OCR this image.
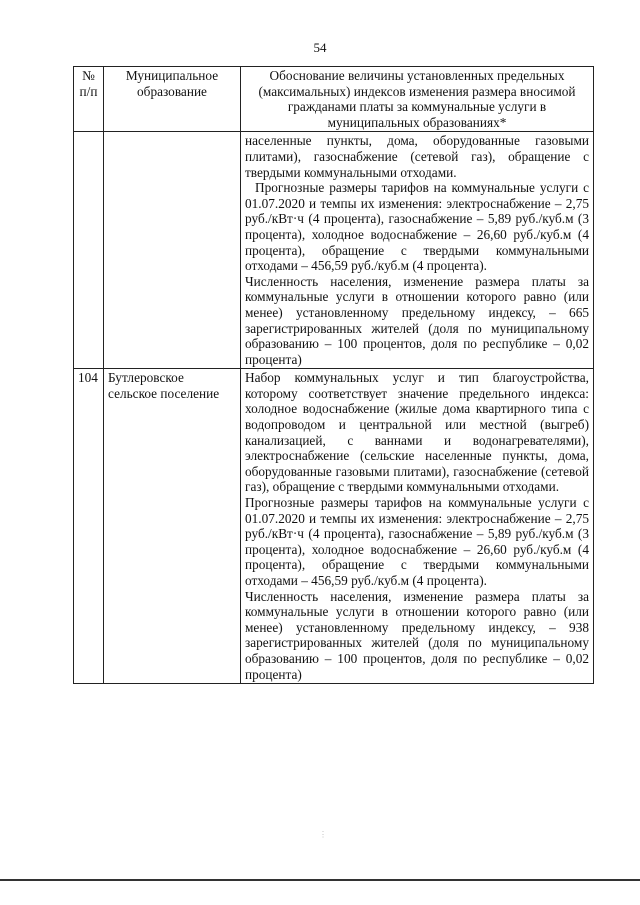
54
№ п/п	Муниципальное образование	Обоснование величины установленных предельных (максимальных) индексов изменения размера вносимой гражданами платы за коммунальные услуги в муниципальных образованиях*

		населенные пункты, дома, оборудованные газовыми плитами), газоснабжение (сетевой газ), обращение с твердыми коммунальными отходами.

Прогнозные размеры тарифов на коммунальные услуги с 01.07.2020 и темпы их изменения: электроснабжение – 2,75 руб./кВт·ч (4 процента), газоснабжение – 5,89 руб./куб.м (3 процента), холодное водоснабжение – 26,60 руб./куб.м (4 процента), обращение с твердыми коммунальными отходами – 456,59 руб./куб.м (4 процента).

Численность населения, изменение размера платы за коммунальные услуги в отношении которого равно (или менее) установленному предельному индексу, – 665 зарегистрированных жителей (доля по муниципальному образованию – 100 процентов, доля по республике – 0,02 процента)

104	Бутлеровское сельское поселение	Набор коммунальных услуг и тип благоустройства, которому соответствует значение предельного индекса: холодное водоснабжение (жилые дома квартирного типа с водопроводом и центральной или местной (выгреб) канализацией, с ваннами и водонагревателями), электроснабжение (сельские населенные пункты, дома, оборудованные газовыми плитами), газоснабжение (сетевой газ), обращение с твердыми коммунальными отходами.

Прогнозные размеры тарифов на коммунальные услуги с 01.07.2020 и темпы их изменения: электроснабжение – 2,75 руб./кВт·ч (4 процента), газоснабжение – 5,89 руб./куб.м (3 процента), холодное водоснабжение – 26,60 руб./куб.м (4 процента), обращение с твердыми коммунальными отходами – 456,59 руб./куб.м (4 процента).

Численность населения, изменение размера платы за коммунальные услуги в отношении которого равно (или менее) установленному предельному индексу, – 938 зарегистрированных жителей (доля по муниципальному образованию – 100 процентов, доля по республике – 0,02 процента)

⋮
